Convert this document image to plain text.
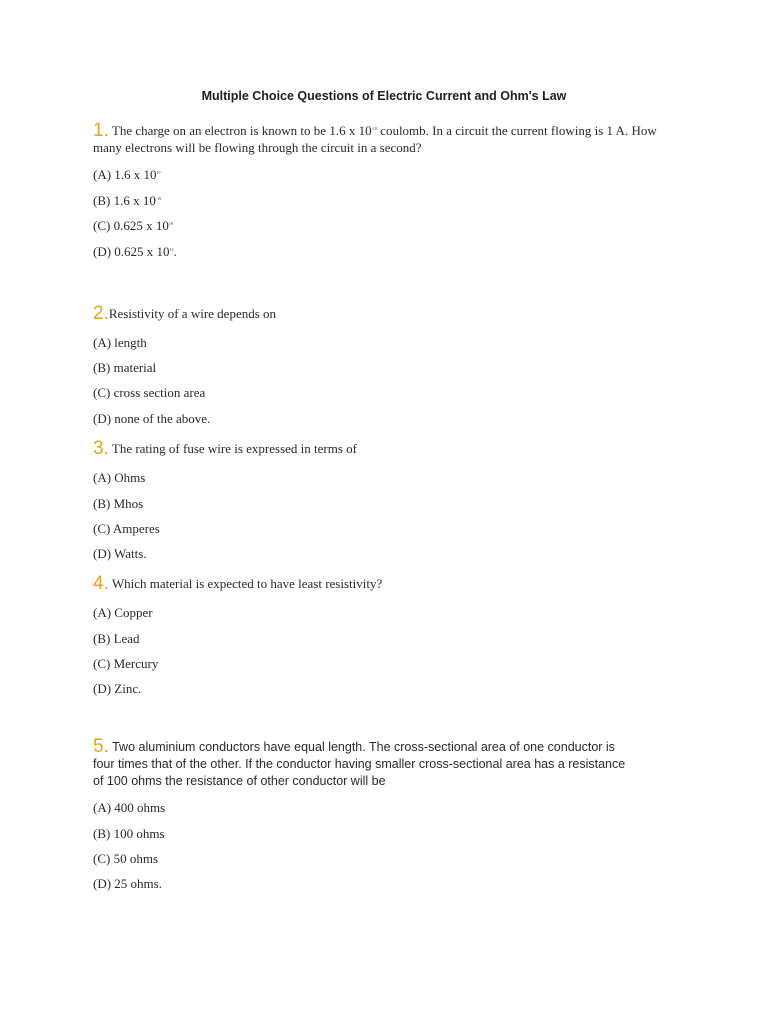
Multiple Choice Questions of Electric Current and Ohm's Law
1. The charge on an electron is known to be 1.6 x $10^{-19}$ coulomb. In a circuit the current flowing is 1 A. How many electrons will be flowing through the circuit in a second?
(A) 1.6 x $10^{19}$
(B) 1.6 x $10^{-19}$
(C) 0.625 x $10^{19}$
(D) 0.625 x $10^{12}$.
2.Resistivity of a wire depends on
(A) length
(B) material
(C) cross section area
(D) none of the above.
3. The rating of fuse wire is expressed in terms of
(A) Ohms
(B) Mhos
(C) Amperes
(D) Watts.
4. Which material is expected to have least resistivity?
(A) Copper
(B) Lead
(C) Mercury
(D) Zinc.
5. Two aluminium conductors have equal length. The cross-sectional area of one conductor is
four times that of the other. If the conductor having smaller cross-sectional area has a resistance
of 100 ohms the resistance of other conductor will be
(A) 400 ohms
(B) 100 ohms
(C) 50 ohms
(D) 25 ohms.
